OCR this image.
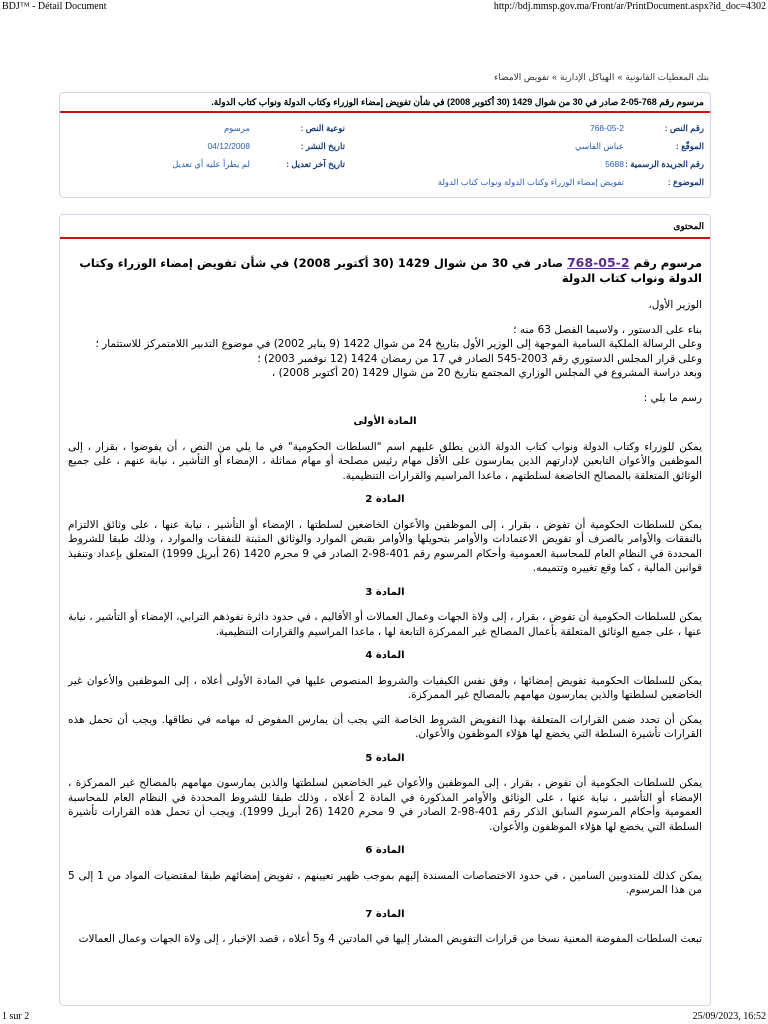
BDJ™ - Détail Document	http://bdj.mmsp.gov.ma/Front/ar/PrintDocument.aspx?id_doc=4302
بنك المعطيات القانونية»الهياكل الإدارية»تفويض الامضاء
مرسوم رقم 768-05-2 صادر في 30 من شوال 1429 (30 أكتوبر 2008) في شأن تفويض إمضاء الوزراء وكتاب الدولة ونواب كتاب الدولة.
رقم النص :
768-05-2
نوعية النص :
مرسوم
الموقّع :
عباس الفاسي
تاريخ النشر :
04/12/2008
رقم الجريدة الرسمية :
5688
تاريخ آخر تعديل :
لم يطرأ عليه أي تعديل
الموضوع :
تفويض إمضاء الوزراء وكتاب الدولة ونواب كتاب الدولة
المحتوى
مرسوم رقم 2-05-768 صادر في 30 من شوال 1429 (30 أكتوبر 2008) في شأن تفويض إمضاء الوزراء وكتاب الدولة ونواب كتاب الدولة
الوزير الأول،
بناء على الدستور ، ولاسيما الفصل 63 منه ؛
وعلى الرسالة الملكية السامية الموجهة إلى الوزير الأول بتاريخ 24 من شوال 1422 (9 يناير 2002) في موضوع التدبير اللامتمركز للاستثمار ؛
وعلى قرار المجلس الدستوري رقم 2003-545 الصادر في 17 من رمضان 1424 (12 نوفمبر 2003) ؛
وبعد دراسة المشروع في المجلس الوزاري المجتمع بتاريخ 20 من شوال 1429 (20 أكتوبر 2008) ،
رسم ما يلي :
المادة الأولى
يمكن للوزراء وكتاب الدولة ونواب كتاب الدولة الذين يطلق عليهم اسم "السلطات الحكومية" في ما يلي من النص ، أن يفوضوا ، بقرار ، إلى الموظفين والأعوان التابعين لإدارتهم الذين يمارسون على الأقل مهام رئيس مصلحة أو مهام مماثلة ، الإمضاء أو التأشير ، نيابة عنهم ، على جميع الوثائق المتعلقة بالمصالح الخاضعة لسلطتهم ، ماعدا المراسيم والقرارات التنظيمية.
المادة 2
يمكن للسلطات الحكومية أن تفوض ، بقرار ، إلى الموظفين والأعوان الخاضعين لسلطتها ، الإمضاء أو التأشير ، نيابة عنها ، على وثائق الالتزام بالنفقات والأوامر بالصرف أو تفويض الاعتمادات والأوامر بتحويلها والأوامر بقبض الموارد والوثائق المثبتة للنفقات والموارد ، وذلك طبقا للشروط المحددة في النظام العام للمحاسبة العمومية وأحكام المرسوم رقم 401-98-2 الصادر في 9 محرم 1420 (26 أبريل 1999) المتعلق بإعداد وتنفيذ قوانين المالية ، كما وقع تغييره وتتميمه.
المادة 3
يمكن للسلطات الحكومية أن تفوض ، بقرار ، إلى ولاة الجهات وعمال العمالات أو الأقاليم ، في حدود دائرة نفوذهم الترابي، الإمضاء أو التأشير ، نيابة عنها ، على جميع الوثائق المتعلقة بأعمال المصالح غير الممركزة التابعة لها ، ماعدا المراسيم والقرارات التنظيمية.
المادة 4
يمكن للسلطات الحكومية تفويض إمضائها ، وفق نفس الكيفيات والشروط المنصوص عليها في المادة الأولى أعلاه ، إلى الموظفين والأعوان غير الخاضعين لسلطتها والذين يمارسون مهامهم بالمصالح غير الممركزة.
يمكن أن تحدد ضمن القرارات المتعلقة بهذا التفويض الشروط الخاصة التي يجب أن يمارس المفوض له مهامه في نطاقها. ويجب أن تحمل هذه القرارات تأشيرة السلطة التي يخضع لها هؤلاء الموظفون والأعوان.
المادة 5
يمكن للسلطات الحكومية أن تفوض ، بقرار ، إلى الموظفين والأعوان غير الخاضعين لسلطتها والذين يمارسون مهامهم بالمصالح غير الممركزة ، الإمضاء أو التأشير ، نيابة عنها ، على الوثائق والأوامر المذكورة في المادة 2 أعلاه ، وذلك طبقا للشروط المحددة في النظام العام للمحاسبة العمومية وأحكام المرسوم السابق الذكر رقم 401-98-2 الصادر في 9 محرم 1420 (26 أبريل 1999). ويجب أن تحمل هذه القرارات تأشيرة السلطة التي يخضع لها هؤلاء الموظفون والأعوان.
المادة 6
يمكن كذلك للمندوبين السامين ، في حدود الاختصاصات المسندة إليهم بموجب ظهير تعيينهم ، تفويض إمضائهم طبقا لمقتضيات المواد من 1 إلى 5 من هذا المرسوم.
المادة 7
تبعث السلطات المفوضة المعنية نسخا من قرارات التفويض المشار إليها في المادتين 4 و5 أعلاه ، قصد الإخبار ، إلى ولاة الجهات وعمال العمالات
1 sur 2	25/09/2023, 16:52
